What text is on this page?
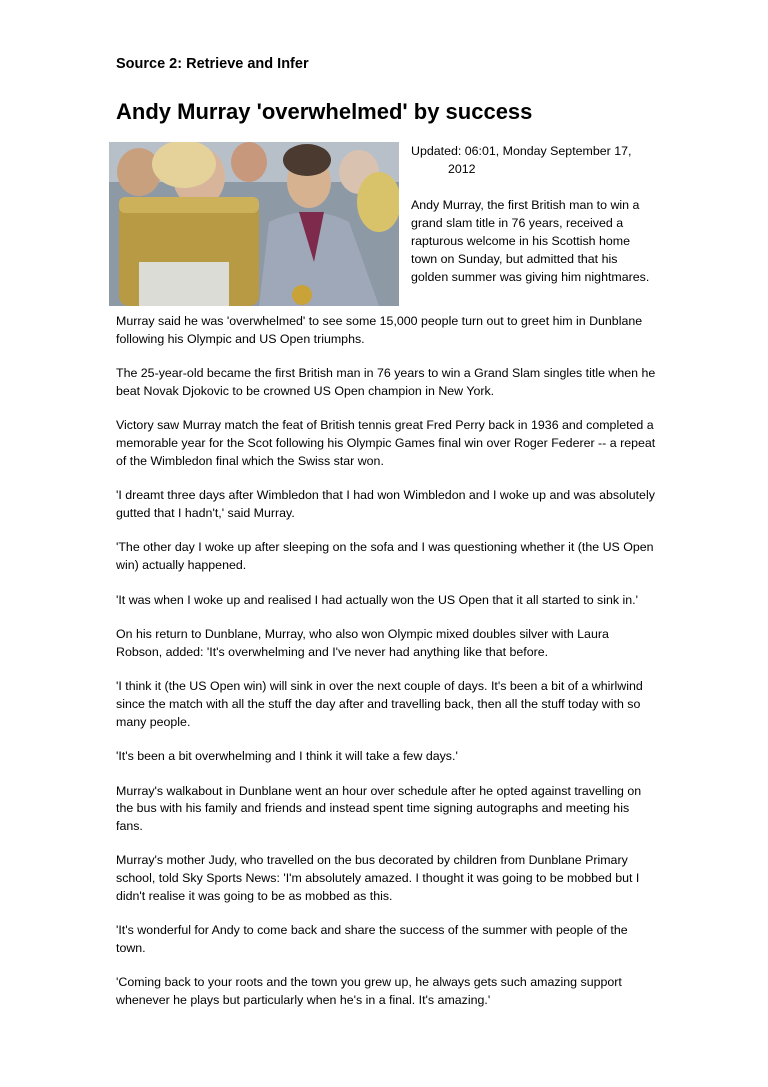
Source 2: Retrieve and Infer
Andy Murray 'overwhelmed' by success

Updated: 06:01, Monday September 17,
2012

Andy Murray, the first British man to win a grand slam title in 76 years, received a rapturous welcome in his Scottish home town on Sunday, but admitted that his golden summer was giving him nightmares.

Murray said he was 'overwhelmed' to see some 15,000 people turn out to greet him in Dunblane following his Olympic and US Open triumphs.

The 25-year-old became the first British man in 76 years to win a Grand Slam singles title when he beat Novak Djokovic to be crowned US Open champion in New York.

Victory saw Murray match the feat of British tennis great Fred Perry back in 1936 and completed a memorable year for the Scot following his Olympic Games final win over Roger Federer -- a repeat of the Wimbledon final which the Swiss star won.

'I dreamt three days after Wimbledon that I had won Wimbledon and I woke up and was absolutely gutted that I hadn't,' said Murray.

'The other day I woke up after sleeping on the sofa and I was questioning whether it (the US Open win) actually happened.

'It was when I woke up and realised I had actually won the US Open that it all started to sink in.'

On his return to Dunblane, Murray, who also won Olympic mixed doubles silver with Laura Robson, added: 'It's overwhelming and I've never had anything like that before.

'I think it (the US Open win) will sink in over the next couple of days. It's been a bit of a whirlwind since the match with all the stuff the day after and travelling back, then all the stuff today with so many people.

'It's been a bit overwhelming and I think it will take a few days.'

Murray's walkabout in Dunblane went an hour over schedule after he opted against travelling on the bus with his family and friends and instead spent time signing autographs and meeting his fans.

Murray's mother Judy, who travelled on the bus decorated by children from Dunblane Primary school, told Sky Sports News: 'I'm absolutely amazed. I thought it was going to be mobbed but I didn't realise it was going to be as mobbed as this.

'It's wonderful for Andy to come back and share the success of the summer with people of the town.

'Coming back to your roots and the town you grew up, he always gets such amazing support whenever he plays but particularly when he's in a final. It's amazing.'
